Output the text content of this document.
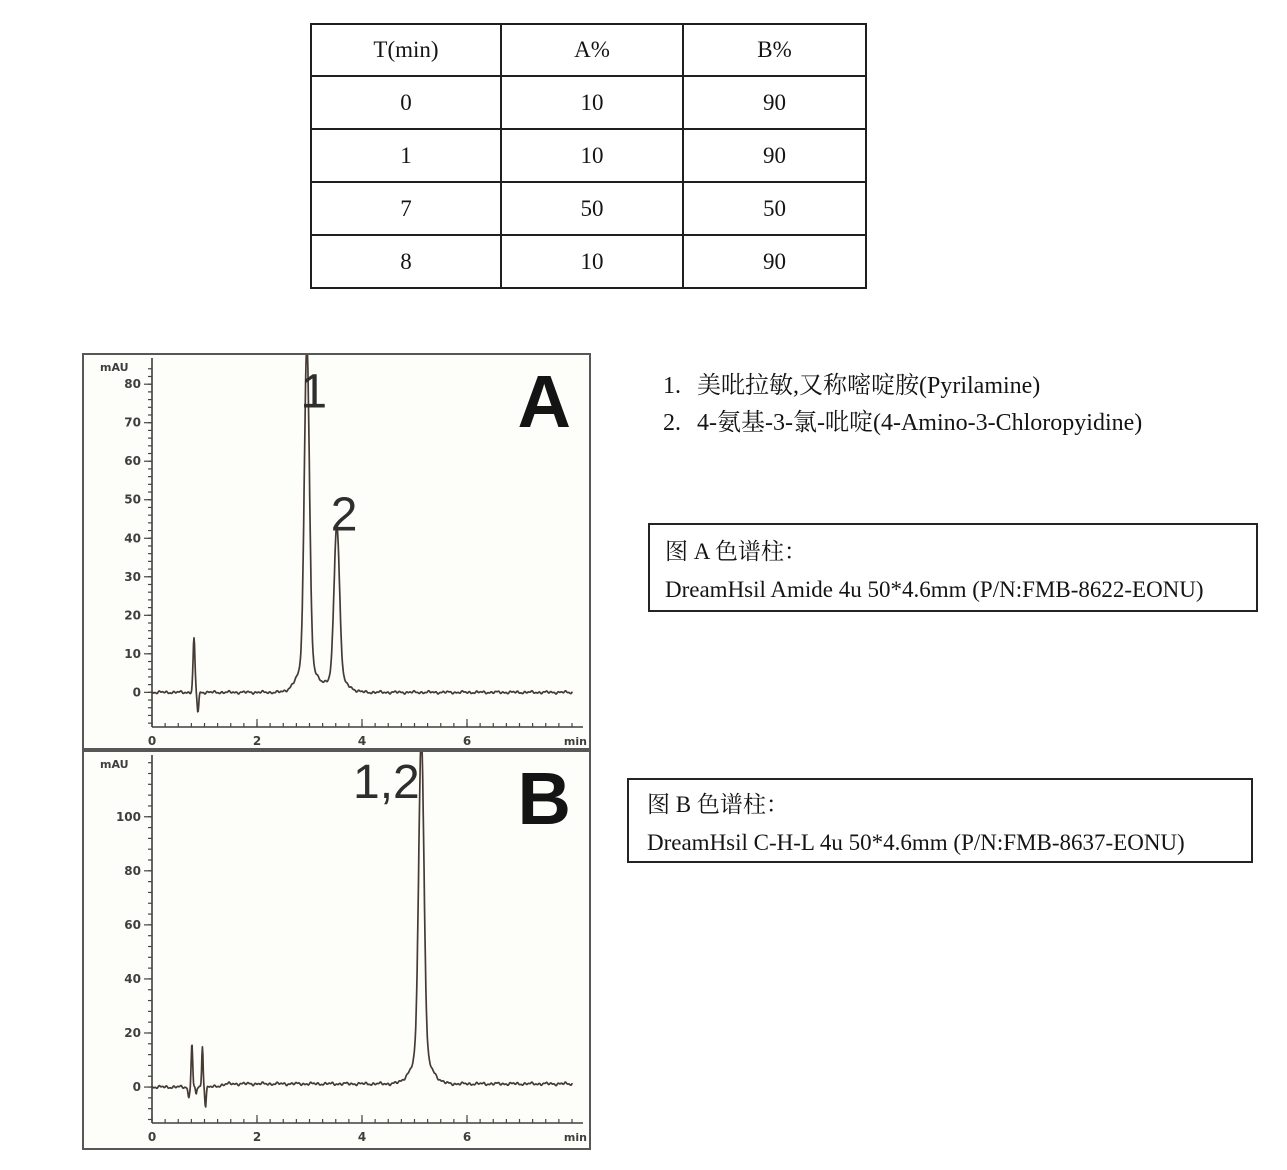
T(min)	A%	B%
0	10	90
1	10	90
7	50	50
8	10	90
0	2	4	6	min
0
10
20
30
40
50
60
70
80
mAU	1
2
A
0	2	4	6	min
0
20
40
60
80
100
mAU	1,2 B
1. 美吡拉敏,又称嘧啶胺(Pyrilamine)
2. 4-氨基-3-氯-吡啶(4-Amino-3-Chloropyidine)
图 A 色谱柱：
DreamHsil Amide 4u 50*4.6mm (P/N:FMB-8622-EONU)
图 B 色谱柱：
DreamHsil C-H-L 4u 50*4.6mm (P/N:FMB-8637-EONU)
